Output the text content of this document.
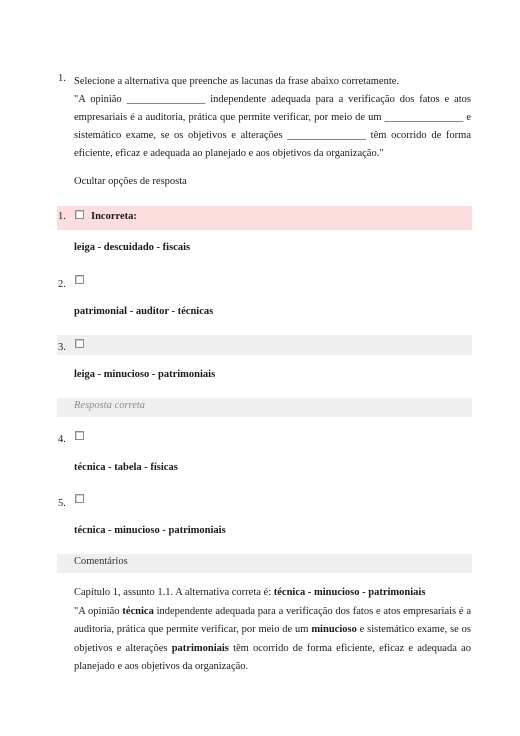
1. Selecione a alternativa que preenche as lacunas da frase abaixo corretamente.

"A opinião _______________ independente adequada para a verificação dos fatos e atos empresariais é a auditoria, prática que permite verificar, por meio de um _______________ e sistemático exame, se os objetivos e alterações _______________ têm ocorrido de forma eficiente, eficaz e adequada ao planejado e aos objetivos da organização."

Ocultar opções de resposta
1. Incorreta:
leiga - descuidado - fiscais
2.
patrimonial - auditor - técnicas
3.
leiga - minucioso - patrimoniais
Resposta correta
4.
técnica - tabela - físicas
5.
técnica - minucioso - patrimoniais
Comentários

Capítulo 1, assunto 1.1. A alternativa correta é: técnica - minucioso - patrimoniais

"A opinião técnica independente adequada para a verificação dos fatos e atos empresariais é a auditoria, prática que permite verificar, por meio de um minucioso e sistemático exame, se os objetivos e alterações patrimoniais têm ocorrido de forma eficiente, eficaz e adequada ao planejado e aos objetivos da organização.
